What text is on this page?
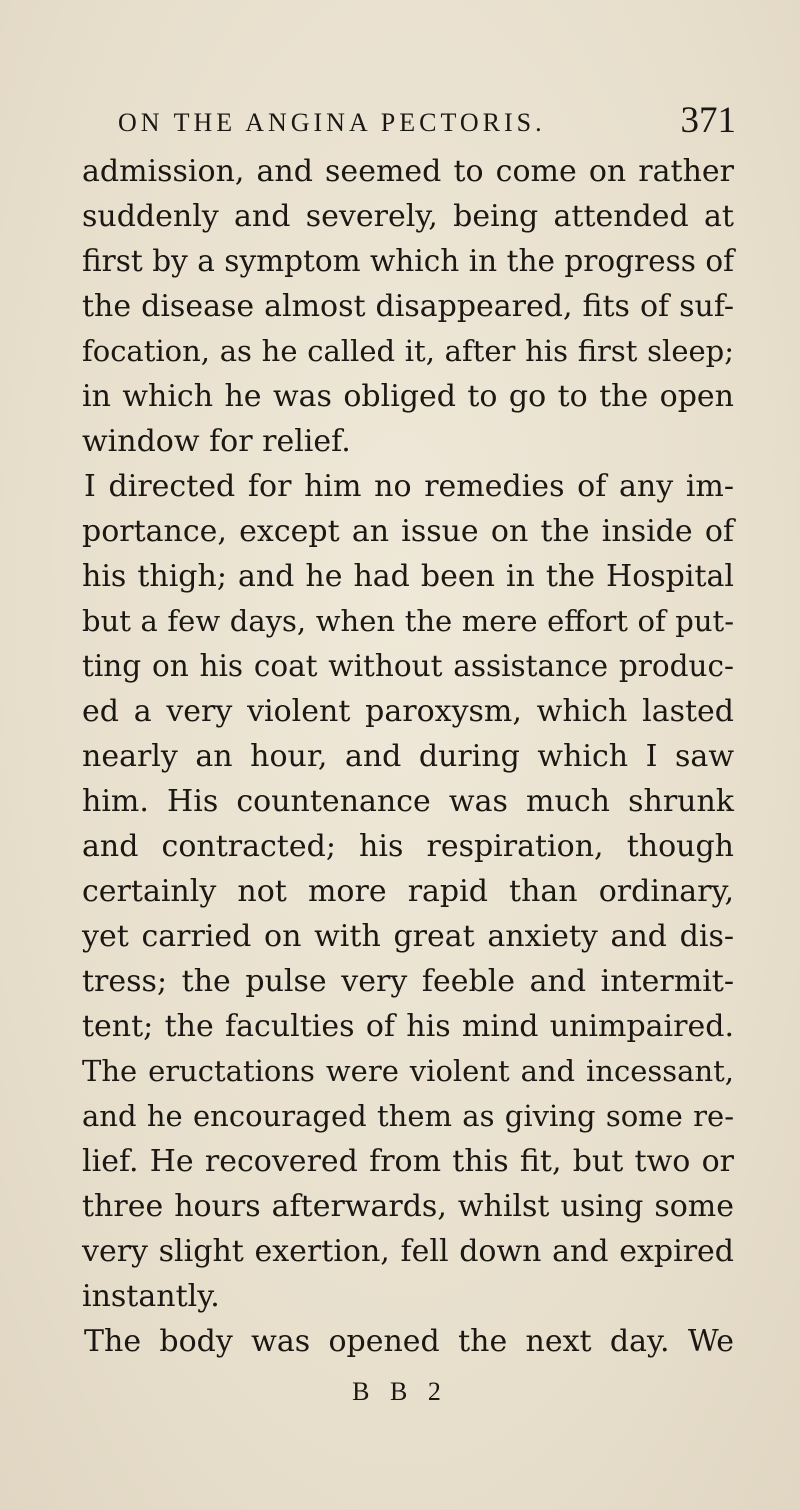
ON THE ANGINA PECTORIS.	371
admission, and seemed to come on rather
suddenly and severely, being attended at
first by a symptom which in the progress of
the disease almost disappeared, fits of suf-
focation, as he called it, after his first sleep;
in which he was obliged to go to the open
window for relief.
I directed for him no remedies of any im-
portance, except an issue on the inside of
his thigh; and he had been in the Hospital
but a few days, when the mere effort of put-
ting on his coat without assistance produc-
ed a very violent paroxysm, which lasted
nearly an hour, and during which I saw
him. His countenance was much shrunk
and contracted; his respiration, though
certainly not more rapid than ordinary,
yet carried on with great anxiety and dis-
tress; the pulse very feeble and intermit-
tent; the faculties of his mind unimpaired.
The eructations were violent and incessant,
and he encouraged them as giving some re-
lief. He recovered from this fit, but two or
three hours afterwards, whilst using some
very slight exertion, fell down and expired
instantly.
The body was opened the next day. We
B B 2
